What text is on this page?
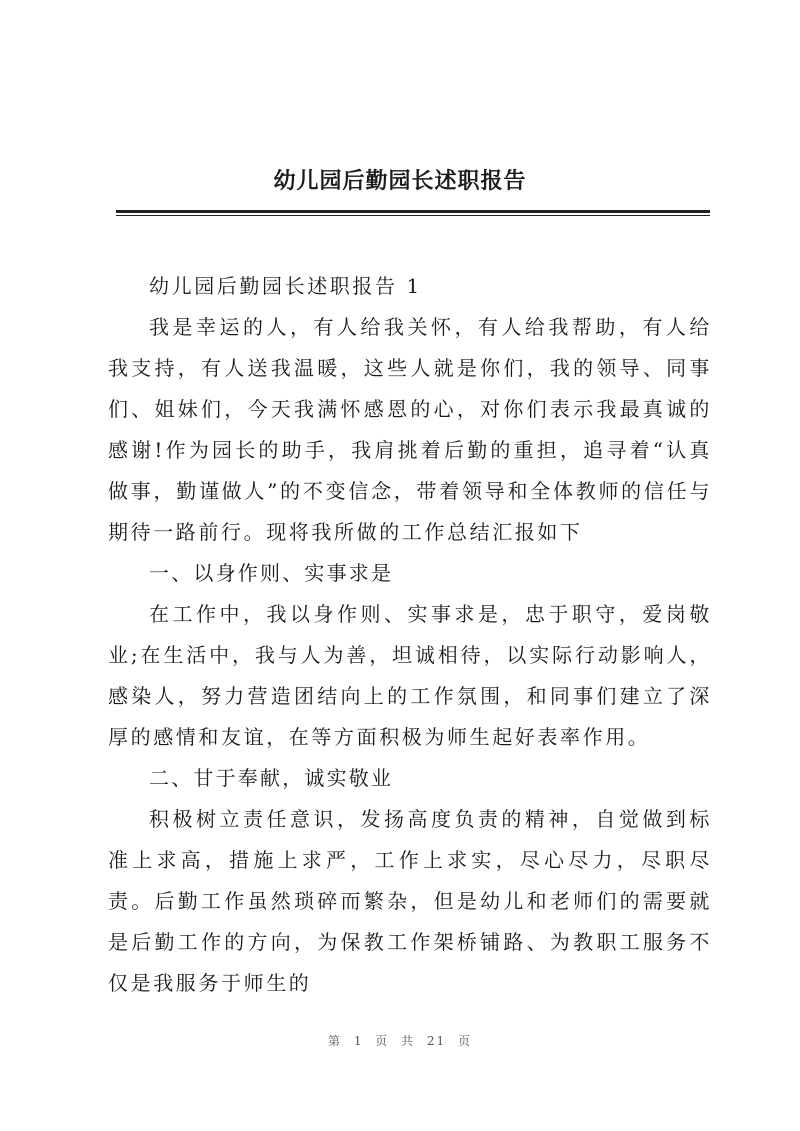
幼儿园后勤园长述职报告

幼儿园后勤园长述职报告 1

我是幸运的人，有人给我关怀，有人给我帮助，有人给我支持，有人送我温暖，这些人就是你们，我的领导、同事们、姐妹们，今天我满怀感恩的心，对你们表示我最真诚的感谢!作为园长的助手，我肩挑着后勤的重担，追寻着“认真做事，勤谨做人”的不变信念，带着领导和全体教师的信任与期待一路前行。现将我所做的工作总结汇报如下

一、以身作则、实事求是

在工作中，我以身作则、实事求是，忠于职守，爱岗敬业;在生活中，我与人为善，坦诚相待，以实际行动影响人，感染人，努力营造团结向上的工作氛围，和同事们建立了深厚的感情和友谊，在等方面积极为师生起好表率作用。

二、甘于奉献，诚实敬业

积极树立责任意识，发扬高度负责的精神，自觉做到标准上求高，措施上求严，工作上求实，尽心尽力，尽职尽责。后勤工作虽然琐碎而繁杂，但是幼儿和老师们的需要就是后勤工作的方向，为保教工作架桥铺路、为教职工服务不仅是我服务于师生的

第 1 页 共 21 页
